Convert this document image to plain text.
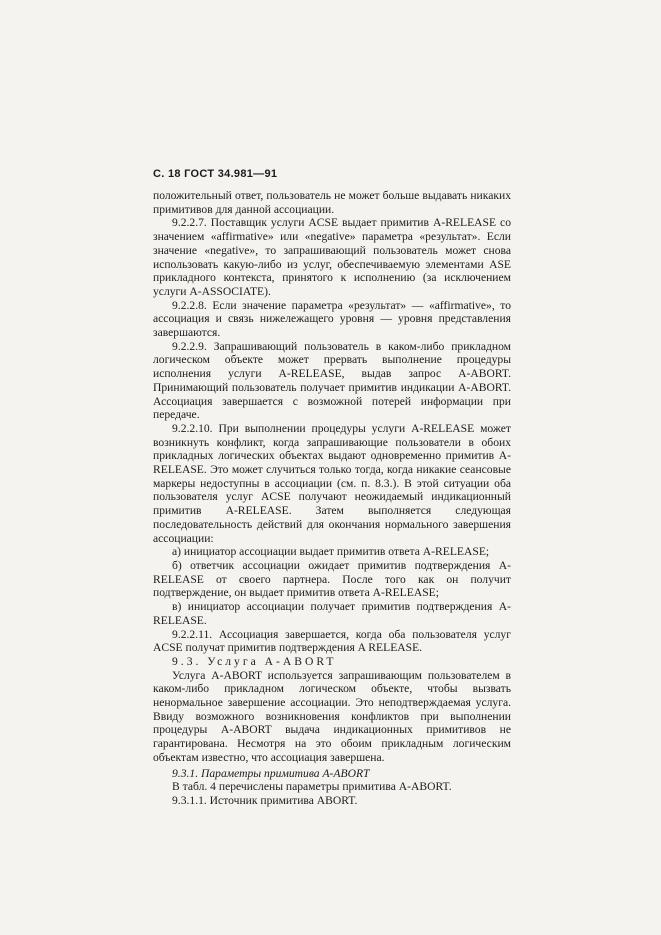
С. 18 ГОСТ 34.981—91

положительный ответ, пользователь не может больше выдавать никаких примитивов для данной ассоциации.

9.2.2.7. Поставщик услуги ACSE выдает примитив A-RELEASE со значением «affirmative» или «negative» параметра «результат». Если значение «negative», то запрашивающий пользователь может снова использовать какую-либо из услуг, обеспечиваемую элементами ASE прикладного контекста, принятого к исполнению (за исключением услуги A-ASSOCIATE).

9.2.2.8. Если значение параметра «результат» — «affirmative», то ассоциация и связь нижележащего уровня — уровня представления завершаются.

9.2.2.9. Запрашивающий пользователь в каком-либо прикладном логическом объекте может прервать выполнение процедуры исполнения услуги A-RELEASE, выдав запрос A-ABORT. Принимающий пользователь получает примитив индикации A-ABORT. Ассоциация завершается с возможной потерей информации при передаче.

9.2.2.10. При выполнении процедуры услуги A-RELEASE может возникнуть конфликт, когда запрашивающие пользователи в обоих прикладных логических объектах выдают одновременно примитив A-RELEASE. Это может случиться только тогда, когда никакие сеансовые маркеры недоступны в ассоциации (см. п. 8.3.). В этой ситуации оба пользователя услуг ACSE получают неожидаемый индикационный примитив A-RELEASE. Затем выполняется следующая последовательность действий для окончания нормального завершения ассоциации:

а) инициатор ассоциации выдает примитив ответа A-RELEASE;

б) ответчик ассоциации ожидает примитив подтверждения A-RELEASE от своего партнера. После того как он получит подтверждение, он выдает примитив ответа A-RELEASE;

в) инициатор ассоциации получает примитив подтверждения A-RELEASE.

9.2.2.11. Ассоциация завершается, когда оба пользователя услуг ACSE получат примитив подтверждения A RELEASE.

9.3. Услуга A-ABORT

Услуга A-ABORT используется запрашивающим пользователем в каком-либо прикладном логическом объекте, чтобы вызвать ненормальное завершение ассоциации. Это неподтверждаемая услуга. Ввиду возможного возникновения конфликтов при выполнении процедуры A-ABORT выдача индикационных примитивов не гарантирована. Несмотря на это обоим прикладным логическим объектам известно, что ассоциация завершена.

9.3.1. Параметры примитива A-ABORT

В табл. 4 перечислены параметры примитива A-ABORT.

9.3.1.1. Источник примитива ABORT.
